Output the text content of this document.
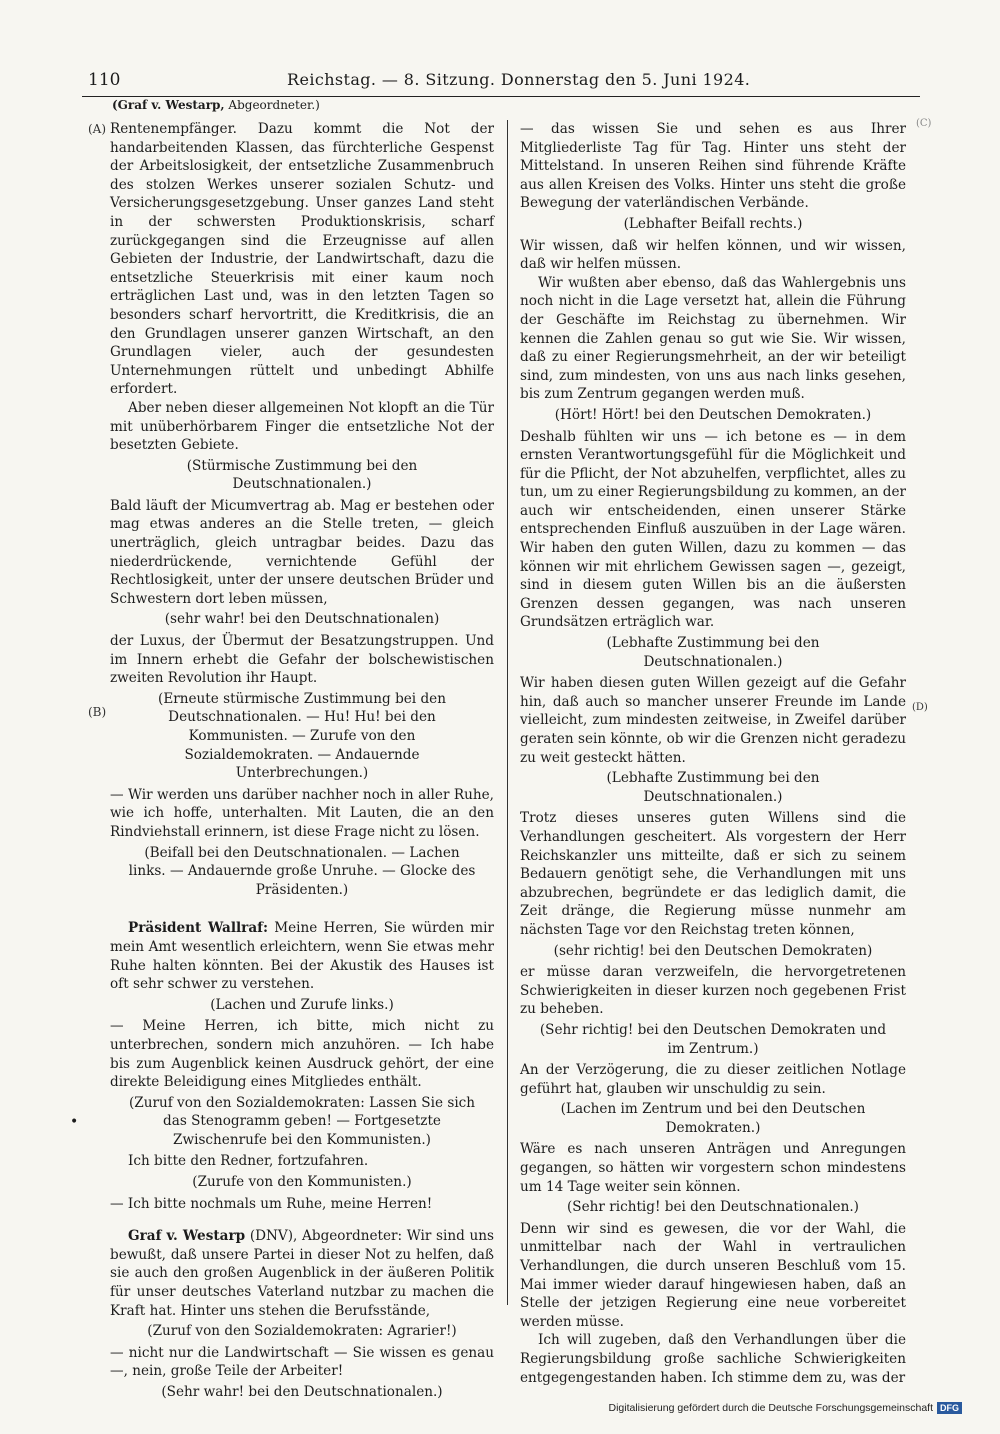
110	Reichstag. — 8. Sitzung. Donnerstag den 5. Juni 1924.
(Graf v. Westarp, Abgeordneter.)
(A)
(B)
(C)
(D)
•

Rentenempfänger. Dazu kommt die Not der handarbeitenden Klassen, das fürchterliche Gespenst der Arbeitslosigkeit, der entsetzliche Zusammenbruch des stolzen Werkes unserer sozialen Schutz- und Versicherungsgesetzgebung. Unser ganzes Land steht in der schwersten Produktionskrisis, scharf zurückgegangen sind die Erzeugnisse auf allen Gebieten der Industrie, der Landwirtschaft, dazu die entsetzliche Steuerkrisis mit einer kaum noch erträglichen Last und, was in den letzten Tagen so besonders scharf hervortritt, die Kreditkrisis, die an den Grundlagen unserer ganzen Wirtschaft, an den Grundlagen vieler, auch der gesundesten Unternehmungen rüttelt und unbedingt Abhilfe erfordert.

Aber neben dieser allgemeinen Not klopft an die Tür mit unüberhörbarem Finger die entsetzliche Not der besetzten Gebiete.

(Stürmische Zustimmung bei den Deutschnationalen.)

Bald läuft der Micumvertrag ab. Mag er bestehen oder mag etwas anderes an die Stelle treten, — gleich unerträglich, gleich untragbar beides. Dazu das niederdrückende, vernichtende Gefühl der Rechtlosigkeit, unter der unsere deutschen Brüder und Schwestern dort leben müssen,

(sehr wahr! bei den Deutschnationalen)

der Luxus, der Übermut der Besatzungstruppen. Und im Innern erhebt die Gefahr der bolschewistischen zweiten Revolution ihr Haupt.

(Erneute stürmische Zustimmung bei den Deutschnationalen. — Hu! Hu! bei den Kommunisten. — Zurufe von den Sozialdemokraten. — Andauernde Unterbrechungen.)

— Wir werden uns darüber nachher noch in aller Ruhe, wie ich hoffe, unterhalten. Mit Lauten, die an den Rindviehstall erinnern, ist diese Frage nicht zu lösen.

(Beifall bei den Deutschnationalen. — Lachen links. — Andauernde große Unruhe. — Glocke des Präsidenten.)

Präsident Wallraf: Meine Herren, Sie würden mir mein Amt wesentlich erleichtern, wenn Sie etwas mehr Ruhe halten könnten. Bei der Akustik des Hauses ist oft sehr schwer zu verstehen.

(Lachen und Zurufe links.)

— Meine Herren, ich bitte, mich nicht zu unterbrechen, sondern mich anzuhören. — Ich habe bis zum Augenblick keinen Ausdruck gehört, der eine direkte Beleidigung eines Mitgliedes enthält.

(Zuruf von den Sozialdemokraten: Lassen Sie sich das Stenogramm geben! — Fortgesetzte Zwischenrufe bei den Kommunisten.)

Ich bitte den Redner, fortzufahren.

(Zurufe von den Kommunisten.)

— Ich bitte nochmals um Ruhe, meine Herren!

Graf v. Westarp (DNV), Abgeordneter: Wir sind uns bewußt, daß unsere Partei in dieser Not zu helfen, daß sie auch den großen Augenblick in der äußeren Politik für unser deutsches Vaterland nutzbar zu machen die Kraft hat. Hinter uns stehen die Berufsstände,

(Zuruf von den Sozialdemokraten: Agrarier!)

— nicht nur die Landwirtschaft — Sie wissen es genau —, nein, große Teile der Arbeiter!

(Sehr wahr! bei den Deutschnationalen.)

— das wissen Sie und sehen es aus Ihrer Mitgliederliste Tag für Tag. Hinter uns steht der Mittelstand. In unseren Reihen sind führende Kräfte aus allen Kreisen des Volks. Hinter uns steht die große Bewegung der vaterländischen Verbände.

(Lebhafter Beifall rechts.)

Wir wissen, daß wir helfen können, und wir wissen, daß wir helfen müssen.

Wir wußten aber ebenso, daß das Wahlergebnis uns noch nicht in die Lage versetzt hat, allein die Führung der Geschäfte im Reichstag zu übernehmen. Wir kennen die Zahlen genau so gut wie Sie. Wir wissen, daß zu einer Regierungsmehrheit, an der wir beteiligt sind, zum mindesten, von uns aus nach links gesehen, bis zum Zentrum gegangen werden muß.

(Hört! Hört! bei den Deutschen Demokraten.)

Deshalb fühlten wir uns — ich betone es — in dem ernsten Verantwortungsgefühl für die Möglichkeit und für die Pflicht, der Not abzuhelfen, verpflichtet, alles zu tun, um zu einer Regierungsbildung zu kommen, an der auch wir entscheidenden, einen unserer Stärke entsprechenden Einfluß auszuüben in der Lage wären. Wir haben den guten Willen, dazu zu kommen — das können wir mit ehrlichem Gewissen sagen —, gezeigt, sind in diesem guten Willen bis an die äußersten Grenzen dessen gegangen, was nach unseren Grundsätzen erträglich war.

(Lebhafte Zustimmung bei den Deutschnationalen.)

Wir haben diesen guten Willen gezeigt auf die Gefahr hin, daß auch so mancher unserer Freunde im Lande vielleicht, zum mindesten zeitweise, in Zweifel darüber geraten sein könnte, ob wir die Grenzen nicht geradezu zu weit gesteckt hätten.

(Lebhafte Zustimmung bei den Deutschnationalen.)

Trotz dieses unseres guten Willens sind die Verhandlungen gescheitert. Als vorgestern der Herr Reichskanzler uns mitteilte, daß er sich zu seinem Bedauern genötigt sehe, die Verhandlungen mit uns abzubrechen, begründete er das lediglich damit, die Zeit dränge, die Regierung müsse nunmehr am nächsten Tage vor den Reichstag treten können,

(sehr richtig! bei den Deutschen Demokraten)

er müsse daran verzweifeln, die hervorgetretenen Schwierigkeiten in dieser kurzen noch gegebenen Frist zu beheben.

(Sehr richtig! bei den Deutschen Demokraten und im Zentrum.)

An der Verzögerung, die zu dieser zeitlichen Notlage geführt hat, glauben wir unschuldig zu sein.

(Lachen im Zentrum und bei den Deutschen Demokraten.)

Wäre es nach unseren Anträgen und Anregungen gegangen, so hätten wir vorgestern schon mindestens um 14 Tage weiter sein können.

(Sehr richtig! bei den Deutschnationalen.)

Denn wir sind es gewesen, die vor der Wahl, die unmittelbar nach der Wahl in vertraulichen Verhandlungen, die durch unseren Beschluß vom 15. Mai immer wieder darauf hingewiesen haben, daß an Stelle der jetzigen Regierung eine neue vorbereitet werden müsse.

Ich will zugeben, daß den Verhandlungen über die Regierungsbildung große sachliche Schwierigkeiten entgegengestanden haben. Ich stimme dem zu, was der

Digitalisierung gefördert durch die Deutsche Forschungsgemeinschaft DFG
